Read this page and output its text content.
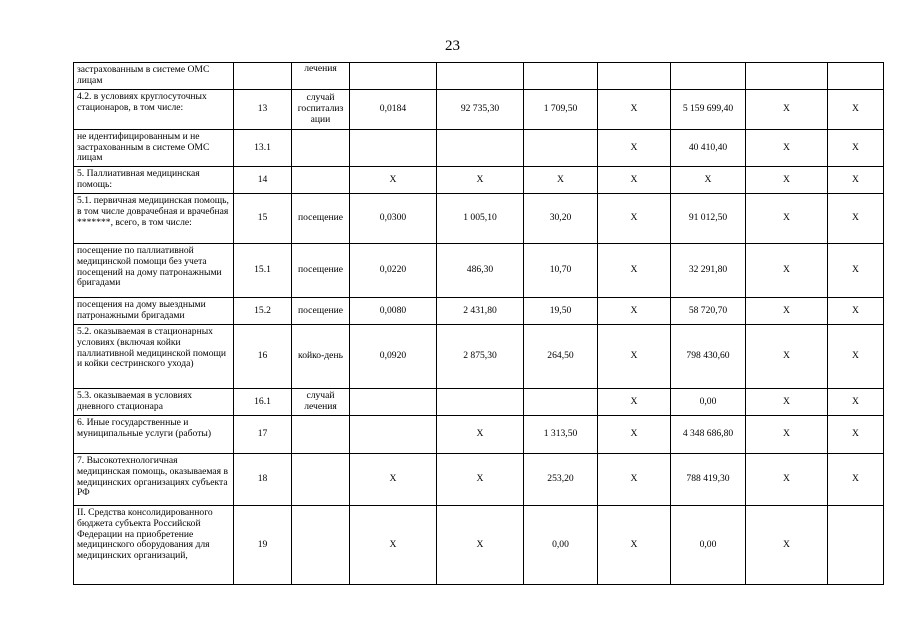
23
застрахованным в системе ОМС лицам		лечения							
4.2. в условиях круглосуточных стационаров, в том числе:	13	случай госпитализ ации	0,0184	92 735,30	1 709,50	X	5 159 699,40	X	X
не идентифицированным и не застрахованным в системе ОМС лицам	13.1					X	40 410,40	X	X
5. Паллиативная медицинская помощь:	14		X	X	X	X	X	X	X
5.1. первичная медицинская помощь, в том числе доврачебная и врачебная *******, всего, в том числе:	15	посещение	0,0300	1 005,10	30,20	X	91 012,50	X	X
посещение по паллиативной медицинской помощи без учета посещений на дому патронажными бригадами	15.1	посещение	0,0220	486,30	10,70	X	32 291,80	X	X
посещения на дому выездными патронажными бригадами	15.2	посещение	0,0080	2 431,80	19,50	X	58 720,70	X	X
5.2. оказываемая в стационарных условиях (включая койки паллиативной медицинской помощи и койки сестринского ухода)	16	койко-день	0,0920	2 875,30	264,50	X	798 430,60	X	X
5.3. оказываемая в условиях дневного стационара	16.1	случай лечения				X	0,00	X	X
6. Иные государственные и муниципальные услуги (работы)	17			X	1 313,50	X	4 348 686,80	X	X
7. Высокотехнологичная медицинская помощь, оказываемая в медицинских организациях субъекта РФ	18		X	X	253,20	X	788 419,30	X	X
II. Средства консолидированного бюджета субъекта Российской Федерации на приобретение медицинского оборудования для медицинских организаций,	19		X	X	0,00	X	0,00	X	
